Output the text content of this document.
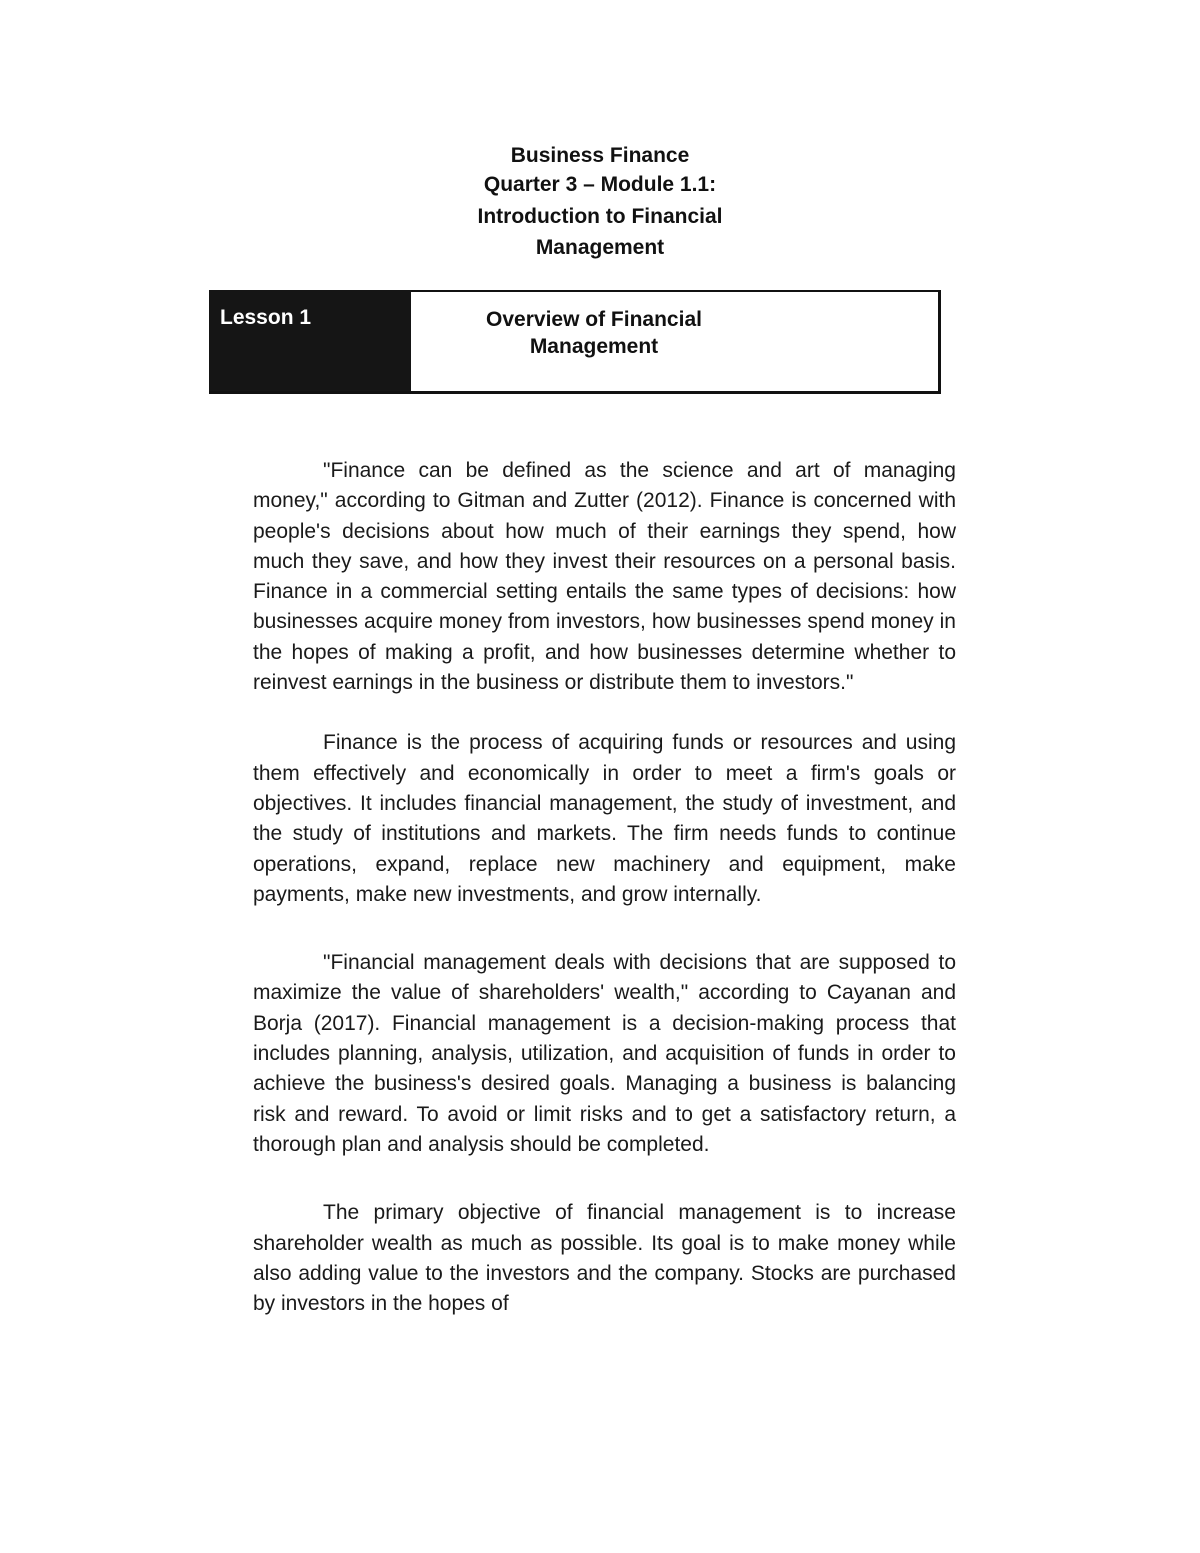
Business Finance
Quarter 3 – Module 1.1:
Introduction to Financial
Management
Lesson 1	Overview of Financial
Management

"Finance can be defined as the science and art of managing money," according to Gitman and Zutter (2012). Finance is concerned with people's decisions about how much of their earnings they spend, how much they save, and how they invest their resources on a personal basis. Finance in a commercial setting entails the same types of decisions: how businesses acquire money from investors, how businesses spend money in the hopes of making a profit, and how businesses determine whether to reinvest earnings in the business or distribute them to investors."

Finance is the process of acquiring funds or resources and using them effectively and economically in order to meet a firm's goals or objectives. It includes financial management, the study of investment, and the study of institutions and markets. The firm needs funds to continue operations, expand, replace new machinery and equipment, make payments, make new investments, and grow internally.

"Financial management deals with decisions that are supposed to maximize the value of shareholders' wealth," according to Cayanan and Borja (2017). Financial management is a decision-making process that includes planning, analysis, utilization, and acquisition of funds in order to achieve the business's desired goals. Managing a business is balancing risk and reward. To avoid or limit risks and to get a satisfactory return, a thorough plan and analysis should be completed.

The primary objective of financial management is to increase shareholder wealth as much as possible. Its goal is to make money while also adding value to the investors and the company. Stocks are purchased by investors in the hopes of
